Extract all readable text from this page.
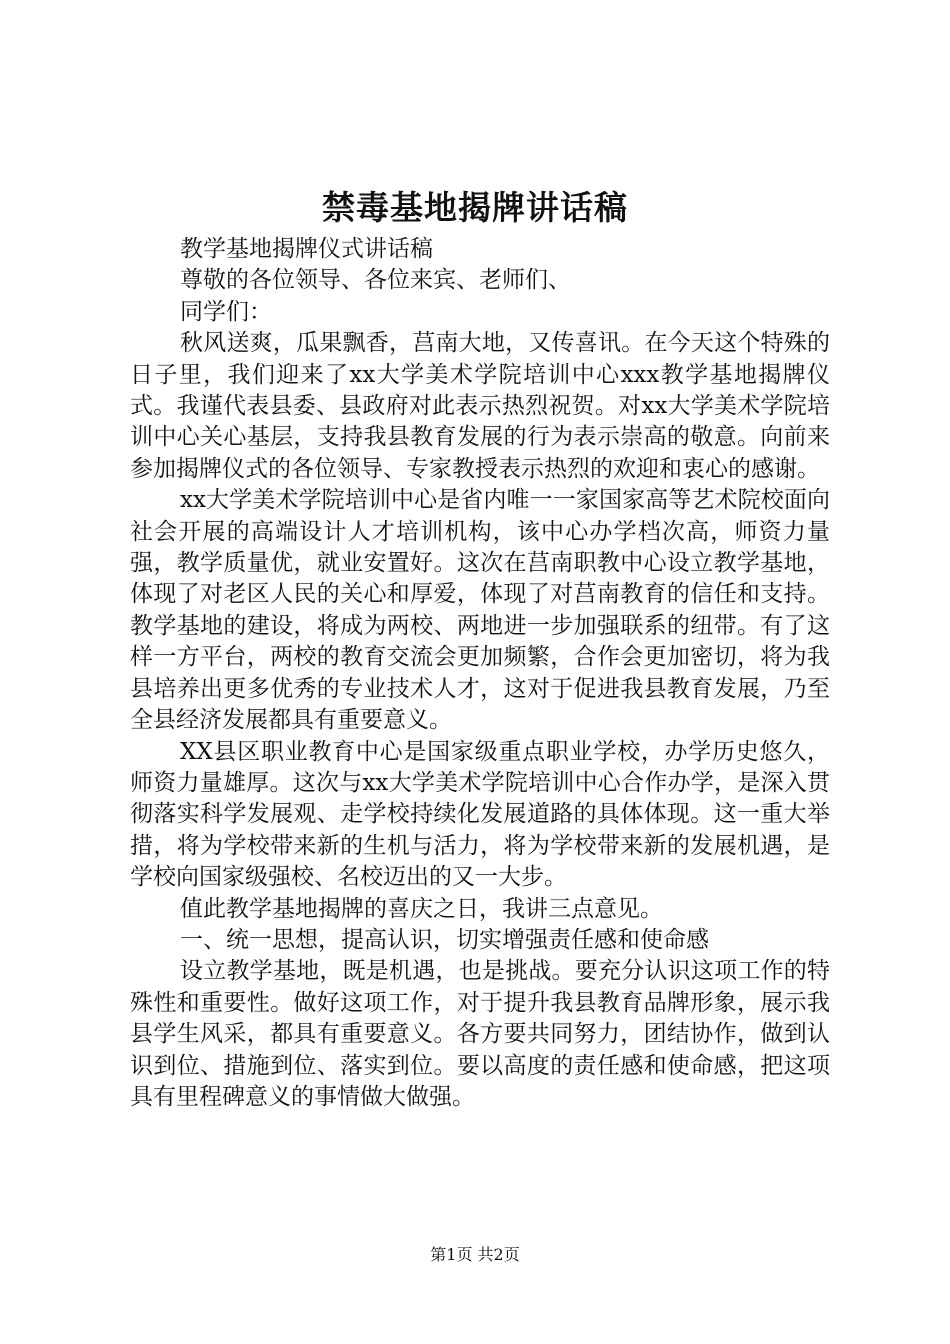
禁毒基地揭牌讲话稿

教学基地揭牌仪式讲话稿

尊敬的各位领导、各位来宾、老师们、

同学们：

秋风送爽，瓜果飘香，莒南大地，又传喜讯。在今天这个特殊的日子里，我们迎来了xx大学美术学院培训中心xxx教学基地揭牌仪式。我谨代表县委、县政府对此表示热烈祝贺。对xx大学美术学院培训中心关心基层，支持我县教育发展的行为表示崇高的敬意。向前来参加揭牌仪式的各位领导、专家教授表示热烈的欢迎和衷心的感谢。

xx大学美术学院培训中心是省内唯一一家国家高等艺术院校面向社会开展的高端设计人才培训机构，该中心办学档次高，师资力量强，教学质量优，就业安置好。这次在莒南职教中心设立教学基地，体现了对老区人民的关心和厚爱，体现了对莒南教育的信任和支持。教学基地的建设，将成为两校、两地进一步加强联系的纽带。有了这样一方平台，两校的教育交流会更加频繁，合作会更加密切，将为我县培养出更多优秀的专业技术人才，这对于促进我县教育发展，乃至全县经济发展都具有重要意义。

XX县区职业教育中心是国家级重点职业学校，办学历史悠久，师资力量雄厚。这次与xx大学美术学院培训中心合作办学，是深入贯彻落实科学发展观、走学校持续化发展道路的具体体现。这一重大举措，将为学校带来新的生机与活力，将为学校带来新的发展机遇，是学校向国家级强校、名校迈出的又一大步。

值此教学基地揭牌的喜庆之日，我讲三点意见。

一、统一思想，提高认识，切实增强责任感和使命感

设立教学基地，既是机遇，也是挑战。要充分认识这项工作的特殊性和重要性。做好这项工作，对于提升我县教育品牌形象，展示我县学生风采，都具有重要意义。各方要共同努力，团结协作，做到认识到位、措施到位、落实到位。要以高度的责任感和使命感，把这项具有里程碑意义的事情做大做强。

第1页 共2页
